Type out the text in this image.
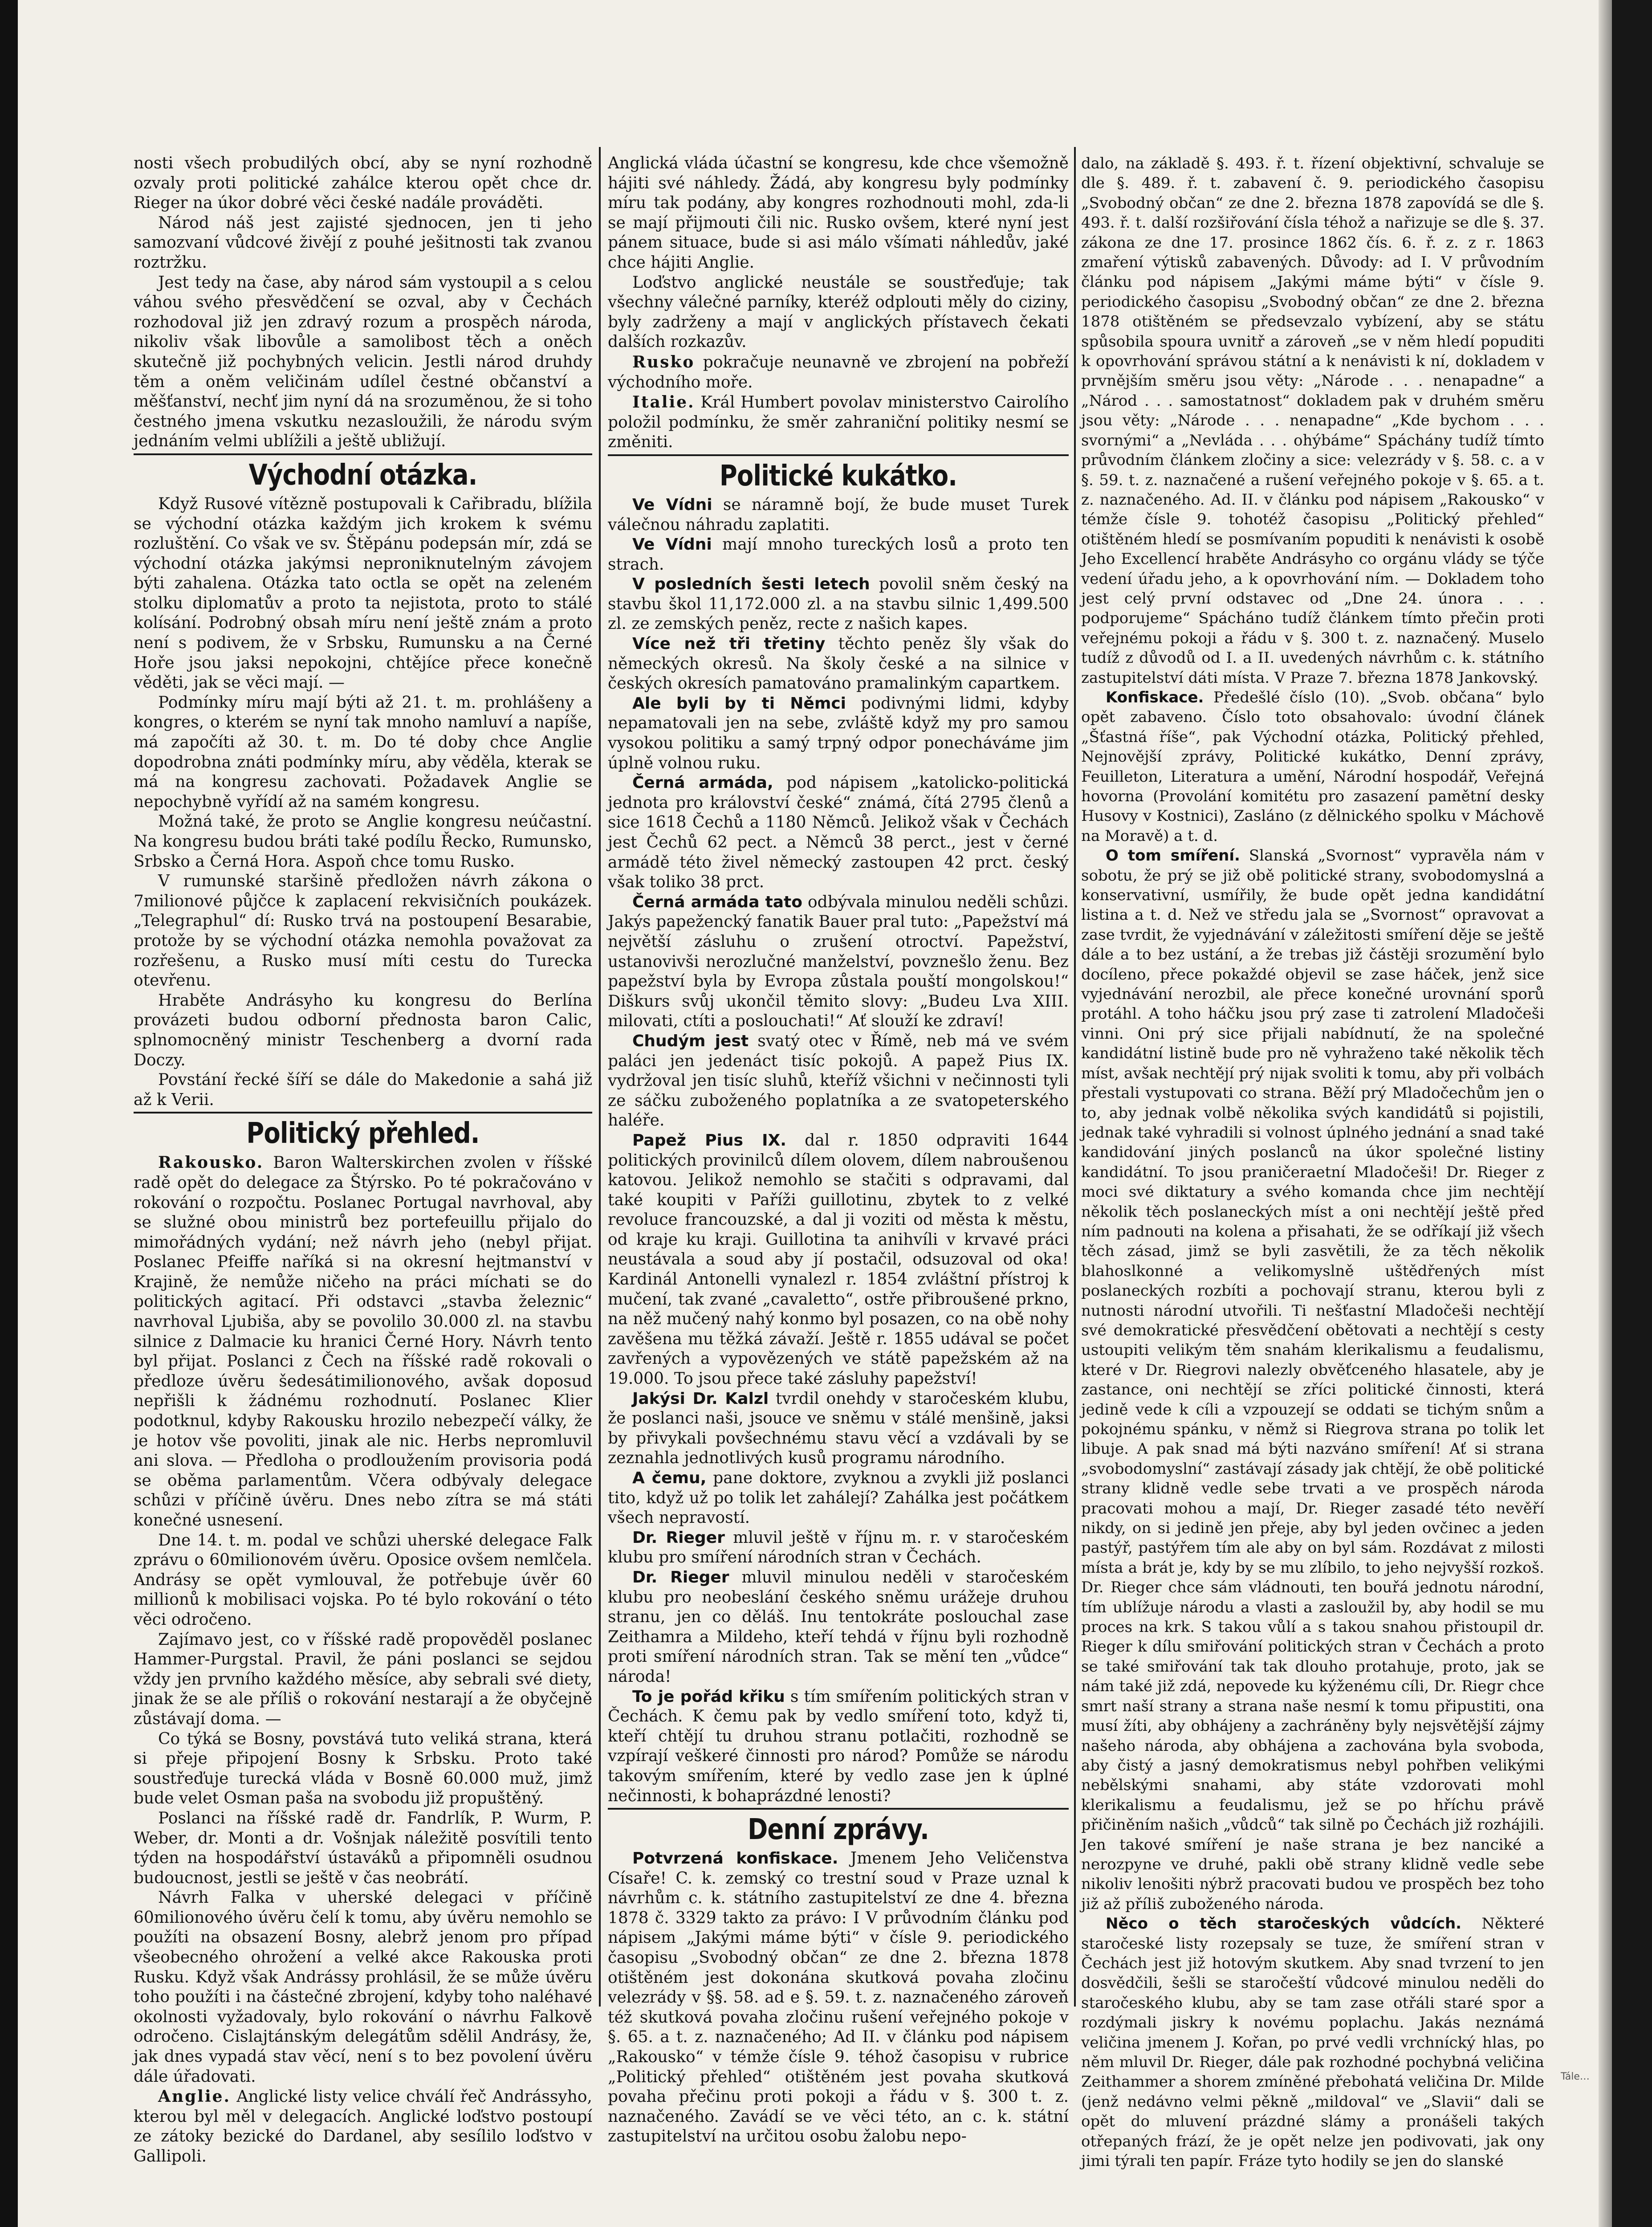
nosti všech probudilých obcí, aby se nyní rozhodně ozvaly proti politické zahálce kterou opět chce dr. Rieger na úkor dobré věci české nadále prováděti.

Národ náš jest zajisté sjednocen, jen ti jeho samozvaní vůdcové živějí z pouhé ješitnosti tak zvanou roztržku.

Jest tedy na čase, aby národ sám vystoupil a s celou váhou svého přesvědčení se ozval, aby v Čechách rozhodoval již jen zdravý rozum a prospěch národa, nikoliv však libovůle a samolibost těch a oněch skutečně již pochybných velicin. Jestli národ druhdy těm a oněm veličinám udílel čestné občanství a měšťanství, nechť jim nyní dá na srozuměnou, že si toho čestného jmena vskutku nezasloužili, že národu svým jednáním velmi ublížili a ještě ubližují.

Východní otázka.

Když Rusové vítězně postupovali k Cařibradu, blížila se východní otázka každým jich krokem k svému rozluštění. Co však ve sv. Štěpánu podepsán mír, zdá se východní otázka jakýmsi neproniknutelným závojem býti zahalena. Otázka tato octla se opět na zeleném stolku diplomatův a proto ta nejistota, proto to stálé kolísání. Podrobný obsah míru není ještě znám a proto není s podivem, že v Srbsku, Rumunsku a na Černé Hoře jsou jaksi nepokojni, chtějíce přece konečně věděti, jak se věci mají. —

Podmínky míru mají býti až 21. t. m. prohlášeny a kongres, o kterém se nyní tak mnoho namluví a napíše, má započíti až 30. t. m. Do té doby chce Anglie dopodrobna znáti podmínky míru, aby věděla, kterak se má na kongresu zachovati. Požadavek Anglie se nepochybně vyřídí až na samém kongresu.

Možná také, že proto se Anglie kongresu neúčastní. Na kongresu budou bráti také podílu Řecko, Rumunsko, Srbsko a Černá Hora. Aspoň chce tomu Rusko.

V rumunské staršině předložen návrh zákona o 7milionové půjčce k zaplacení rekvisičních poukázek. „Telegraphul“ dí: Rusko trvá na postoupení Besarabie, protože by se východní otázka nemohla považovat za rozřešenu, a Rusko musí míti cestu do Turecka otevřenu.

Hraběte Andrásyho ku kongresu do Berlína provázeti budou odborní přednosta baron Calic, splnomocněný ministr Teschenberg a dvorní rada Doczy.

Povstání řecké šíří se dále do Makedonie a sahá již až k Verii.

Politický přehled.

Rakousko. Baron Walterskirchen zvolen v říšské radě opět do delegace za Štýrsko. Po té pokračováno v rokování o rozpočtu. Poslanec Portugal navrhoval, aby se služné obou ministrů bez portefeuillu přijalo do mimořádných vydání; než návrh jeho (nebyl přijat. Poslanec Pfeiffe naříká si na okresní hejtmanství v Krajině, že nemůže ničeho na práci míchati se do politických agitací. Při odstavci „stavba železnic“ navrhoval Ljubiša, aby se povolilo 30.000 zl. na stavbu silnice z Dalmacie ku hranici Černé Hory. Návrh tento byl přijat. Poslanci z Čech na říšské radě rokovali o předloze úvěru šedesátimilionového, avšak doposud nepřišli k žádnému rozhodnutí. Poslanec Klier podotknul, kdyby Rakousku hrozilo nebezpečí války, že je hotov vše povoliti, jinak ale nic. Herbs nepromluvil ani slova. — Předloha o prodloužením provisoria podá se oběma parlamentům. Včera odbývaly delegace schůzi v příčině úvěru. Dnes nebo zítra se má státi konečné usnesení.

Dne 14. t. m. podal ve schůzi uherské delegace Falk zprávu o 60milionovém úvěru. Oposice ovšem nemlčela. Andrásy se opět vymlouval, že potřebuje úvěr 60 millionů k mobilisaci vojska. Po té bylo rokování o této věci odročeno.

Zajímavo jest, co v říšské radě propověděl poslanec Hammer-Purgstal. Pravil, že páni poslanci se sejdou vždy jen prvního každého měsíce, aby sebrali své diety, jinak že se ale příliš o rokování nestarají a že obyčejně zůstávají doma. —

Co týká se Bosny, povstává tuto veliká strana, která si přeje připojení Bosny k Srbsku. Proto také soustřeďuje turecká vláda v Bosně 60.000 muž, jimž bude velet Osman paša na svobodu již propuštěný.

Poslanci na říšské radě dr. Fandrlík, P. Wurm, P. Weber, dr. Monti a dr. Vošnjak náležitě posvítili tento týden na hospodářství ústaváků a připomněli osudnou budoucnost, jestli se ještě v čas neobrátí.

Návrh Falka v uherské delegaci v příčině 60milionového úvěru čelí k tomu, aby úvěru nemohlo se použíti na obsazení Bosny, alebrž jenom pro případ všeobecného ohrožení a velké akce Rakouska proti Rusku. Když však Andrássy prohlásil, že se může úvěru toho použíti i na částečné zbrojení, kdyby toho naléhavé okolnosti vyžadovaly, bylo rokování o návrhu Falkově odročeno. Cislajtánským delegátům sdělil Andrásy, že, jak dnes vypadá stav věcí, není s to bez povolení úvěru dále úřadovati.

Anglie. Anglické listy velice chválí řeč Andrássyho, kterou byl měl v delegacích. Anglické loďstvo postoupí ze zátoky bezické do Dardanel, aby sesílilo loďstvo v Gallipoli.

Anglická vláda účastní se kongresu, kde chce všemožně hájiti své náhledy. Žádá, aby kongresu byly podmínky míru tak podány, aby kongres rozhodnouti mohl, zda-li se mají přijmouti čili nic. Rusko ovšem, které nyní jest pánem situace, bude si asi málo všímati náhledův, jaké chce hájiti Anglie.

Loďstvo anglické neustále se soustřeďuje; tak všechny válečné parníky, kteréž odplouti měly do ciziny, byly zadrženy a mají v anglických přístavech čekati dalších rozkazův.

Rusko pokračuje neunavně ve zbrojení na pobřeží východního moře.

Italie. Král Humbert povolav ministerstvo Cairolího položil podmínku, že směr zahraniční politiky nesmí se změniti.

Politické kukátko.

Ve Vídni se náramně bojí, že bude muset Turek válečnou náhradu zaplatiti.

Ve Vídni mají mnoho tureckých losů a proto ten strach.

V posledních šesti letech povolil sněm český na stavbu škol 11,172.000 zl. a na stavbu silnic 1,499.500 zl. ze zemských peněz, recte z našich kapes.

Více než tři třetiny těchto peněz šly však do německých okresů. Na školy české a na silnice v českých okresích pamatováno pramalinkým capartkem.

Ale byli by ti Němci podivnými lidmi, kdyby nepamatovali jen na sebe, zvláště když my pro samou vysokou politiku a samý trpný odpor ponecháváme jim úplně volnou ruku.

Černá armáda, pod nápisem „katolicko-politická jednota pro království české“ známá, čítá 2795 členů a sice 1618 Čechů a 1180 Němců. Jelikož však v Čechách jest Čechů 62 pect. a Němců 38 perct., jest v černé armádě této živel německý zastoupen 42 prct. český však toliko 38 prct.

Černá armáda tato odbývala minulou neděli schůzi. Jakýs papežencký fanatik Bauer pral tuto: „Papežství má největší zásluhu o zrušení otroctví. Papežství, ustanovivši nerozlučné manželství, povznešlo ženu. Bez papežství byla by Evropa zůstala pouští mongolskou!“ Diškurs svůj ukončil těmito slovy: „Budeu Lva XIII. milovati, ctíti a poslouchati!“ Ať slouží ke zdraví!

Chudým jest svatý otec v Římě, neb má ve svém paláci jen jedenáct tisíc pokojů. A papež Pius IX. vydržoval jen tisíc sluhů, kteříž všichni v nečinnosti tyli ze sáčku zuboženého poplatníka a ze svatopeterského haléře.

Papež Pius IX. dal r. 1850 odpraviti 1644 politických provinilců dílem olovem, dílem nabroušenou katovou. Jelikož nemohlo se stačiti s odpravami, dal také koupiti v Paříži guillotinu, zbytek to z velké revoluce francouzské, a dal ji voziti od města k městu, od kraje ku kraji. Guillotina ta anihvíli v krvavé práci neustávala a soud aby jí postačil, odsuzoval od oka! Kardinál Antonelli vynalezl r. 1854 zvláštní přístroj k mučení, tak zvané „cavaletto“, ostře přibroušené prkno, na něž mučený nahý konmo byl posazen, co na obě nohy zavěšena mu těžká závaží. Ještě r. 1855 udával se počet zavřených a vypovězených ve státě papežském až na 19.000. To jsou přece také zásluhy papežství!

Jakýsi Dr. Kalzl tvrdil onehdy v staročeském klubu, že poslanci naši, jsouce ve sněmu v stálé menšině, jaksi by přivykali povšechnému stavu věcí a vzdávali by se zeznahla jednotlivých kusů programu národního.

A čemu, pane doktore, zvyknou a zvykli již poslanci tito, když už po tolik let zahálejí? Zahálka jest počátkem všech nepravostí.

Dr. Rieger mluvil ještě v říjnu m. r. v staročeském klubu pro smíření národních stran v Čechách.

Dr. Rieger mluvil minulou neděli v staročeském klubu pro neobeslání českého sněmu urážeje druhou stranu, jen co děláš. Inu tentokráte poslouchal zase Zeithamra a Mildeho, kteří tehdá v říjnu byli rozhodně proti smíření národních stran. Tak se mění ten „vůdce“ národa!

To je pořád křiku s tím smířením politických stran v Čechách. K čemu pak by vedlo smíření toto, když ti, kteří chtějí tu druhou stranu potlačiti, rozhodně se vzpírají veškeré činnosti pro národ? Pomůže se národu takovým smířením, které by vedlo zase jen k úplné nečinnosti, k bohaprázdné lenosti?

Denní zprávy.

Potvrzená konfiskace. Jmenem Jeho Veličenstva Císaře! C. k. zemský co trestní soud v Praze uznal k návrhům c. k. státního zastupitelství ze dne 4. března 1878 č. 3329 takto za právo: I V průvodním článku pod nápisem „Jakými máme býti“ v čísle 9. periodického časopisu „Svobodný občan“ ze dne 2. března 1878 otištěném jest dokonána skutková povaha zločinu velezrády v §§. 58. ad e §. 59. t. z. naznačeného zároveň též skutková povaha zločinu rušení veřejného pokoje v §. 65. a t. z. naznačeného; Ad II. v článku pod nápisem „Rakousko“ v témže čísle 9. téhož časopisu v rubrice „Politický přehled“ otištěném jest povaha skutková povaha přečinu proti pokoji a řádu v §. 300 t. z. naznačeného. Zavádí se ve věci této, an c. k. státní zastupitelství na určitou osobu žalobu nepo-

dalo, na základě §. 493. ř. t. řízení objektivní, schvaluje se dle §. 489. ř. t. zabavení č. 9. periodického časopisu „Svobodný občan“ ze dne 2. března 1878 zapovídá se dle §. 493. ř. t. další rozšiřování čísla téhož a nařizuje se dle §. 37. zákona ze dne 17. prosince 1862 čís. 6. ř. z. z r. 1863 zmaření výtisků zabavených. Důvody: ad I. V průvodním článku pod nápisem „Jakými máme býti“ v čísle 9. periodického časopisu „Svobodný občan“ ze dne 2. března 1878 otištěném se předsevzalo vybízení, aby se státu spůsobila spoura uvnitř a zároveň „se v něm hledí popuditi k opovrhování správou státní a k nenávisti k ní, dokladem v prvnějším směru jsou věty: „Národe . . . nenapadne“ a „Národ . . . samostatnost“ dokladem pak v druhém směru jsou věty: „Národe . . . nenapadne“ „Kde bychom . . . svornými“ a „Nevláda . . . ohýbáme“ Spáchány tudíž tímto průvodním článkem zločiny a sice: velezrády v §. 58. c. a v §. 59. t. z. naznačené a rušení veřejného pokoje v §. 65. a t. z. naznačeného. Ad. II. v článku pod nápisem „Rakousko“ v témže čísle 9. tohotéž časopisu „Politický přehled“ otištěném hledí se posmívaním popuditi k nenávisti k osobě Jeho Excellencí hraběte Andrásyho co orgánu vlády se týče vedení úřadu jeho, a k opovrhování ním. — Dokladem toho jest celý první odstavec od „Dne 24. února . . . podporujeme“ Spácháno tudíž článkem tímto přečin proti veřejnému pokoji a řádu v §. 300 t. z. naznačený. Muselo tudíž z důvodů od I. a II. uvedených návrhům c. k. státního zastupitelství dáti místa. V Praze 7. března 1878 Jankovský.

Konfiskace. Předešlé číslo (10). „Svob. občana“ bylo opět zabaveno. Číslo toto obsahovalo: úvodní článek „Šťastná říše“, pak Východní otázka, Politický přehled, Nejnovější zprávy, Politické kukátko, Denní zprávy, Feuilleton, Literatura a umění, Národní hospodář, Veřejná hovorna (Provolání komitétu pro zasazení pamětní desky Husovy v Kostnici), Zasláno (z dělnického spolku v Máchově na Moravě) a t. d.

O tom smíření. Slanská „Svornost“ vypravěla nám v sobotu, že prý se již obě politické strany, svobodomyslná a konservativní, usmířily, že bude opět jedna kandidátní listina a t. d. Než ve středu jala se „Svornost“ opravovat a zase tvrdit, že vyjednávání v záležitosti smíření děje se ještě dále a to bez ustání, a že trebas již částěji srozumění bylo docíleno, přece pokaždé objevil se zase háček, jenž sice vyjednávání nerozbil, ale přece konečné urovnání sporů protáhl. A toho háčku jsou prý zase ti zatrolení Mladočeši vinni. Oni prý sice přijali nabídnutí, že na společné kandidátní listině bude pro ně vyhraženo také několik těch míst, avšak nechtějí prý nijak svoliti k tomu, aby při volbách přestali vystupovati co strana. Běží prý Mladočechům jen o to, aby jednak volbě několika svých kandidátů si pojistili, jednak také vyhradili si volnost úplného jednání a snad také kandidování jiných poslanců na úkor společné listiny kandidátní. To jsou praničeraetní Mladočeši! Dr. Rieger z moci své diktatury a svého komanda chce jim nechtějí několik těch poslaneckých míst a oni nechtějí ještě před ním padnouti na kolena a přisahati, že se odříkají již všech těch zásad, jimž se byli zasvětili, že za těch několik blahoslkonné a velikomyslně uštědřených míst poslaneckých rozbíti a pochovají stranu, kterou byli z nutnosti národní utvořili. Ti nešťastní Mladočeši nechtějí své demokratické přesvědčení obětovati a nechtějí s cesty ustoupiti velikým těm snahám klerikalismu a feudalismu, které v Dr. Riegrovi nalezly obvěťceného hlasatele, aby je zastance, oni nechtějí se zříci politické činnosti, která jedině vede k cíli a vzpouzejí se oddati se tichým snům a pokojnému spánku, v němž si Riegrova strana po tolik let libuje. A pak snad má býti nazváno smíření! Ať si strana „svobodomyslní“ zastávají zásady jak chtějí, že obě politické strany klidně vedle sebe trvati a ve prospěch národa pracovati mohou a mají, Dr. Rieger zasadé této nevěří nikdy, on si jedině jen přeje, aby byl jeden ovčinec a jeden pastýř, pastýřem tím ale aby on byl sám. Rozdávat z milosti místa a brát je, kdy by se mu zlíbilo, to jeho nejvyšší rozkoš. Dr. Rieger chce sám vládnouti, ten bouřá jednotu národní, tím ublížuje národu a vlasti a zasloužil by, aby hodil se mu proces na krk. S takou vůlí a s takou snahou přistoupil dr. Rieger k dílu smiřování politických stran v Čechách a proto se také smiřování tak tak dlouho protahuje, proto, jak se nám také již zdá, nepovede ku kýženému cíli, Dr. Riegr chce smrt naší strany a strana naše nesmí k tomu připustiti, ona musí žíti, aby obhájeny a zachráněny byly nejsvětější zájmy našeho národa, aby obhájena a zachována byla svoboda, aby čistý a jasný demokratismus nebyl pohřben velikými nebělskými snahami, aby státe vzdorovati mohl klerikalismu a feudalismu, jež se po hříchu právě přičiněním našich „vůdců“ tak silně po Čechách již rozhájili. Jen takové smíření je naše strana je bez nanciké a nerozpyne ve druhé, pakli obě strany klidně vedle sebe nikoliv lenošiti nýbrž pracovati budou ve prospěch bez toho již až příliš zuboženého národa.

Něco o těch staročeských vůdcích. Některé staročeské listy rozepsaly se tuze, že smíření stran v Čechách jest již hotovým skutkem. Aby snad tvrzení to jen dosvědčili, šešli se staročeští vůdcové minulou neděli do staročeského klubu, aby se tam zase otřáli staré spor a rozdýmali jiskry k novému poplachu. Jakás neznámá veličina jmenem J. Kořan, po prvé vedli vrchnícký hlas, po něm mluvil Dr. Rieger, dále pak rozhodné pochybná veličina Zeithammer a shorem zmíněné přebohatá veličina Dr. Milde (jenž nedávno velmi pěkně „mildoval“ ve „Slavii“ dali se opět do mluvení prázdné slámy a pronášeli takých otřepaných frází, že je opět nelze jen podivovati, jak ony jimi týrali ten papír. Fráze tyto hodily se jen do slanské

Tále…
